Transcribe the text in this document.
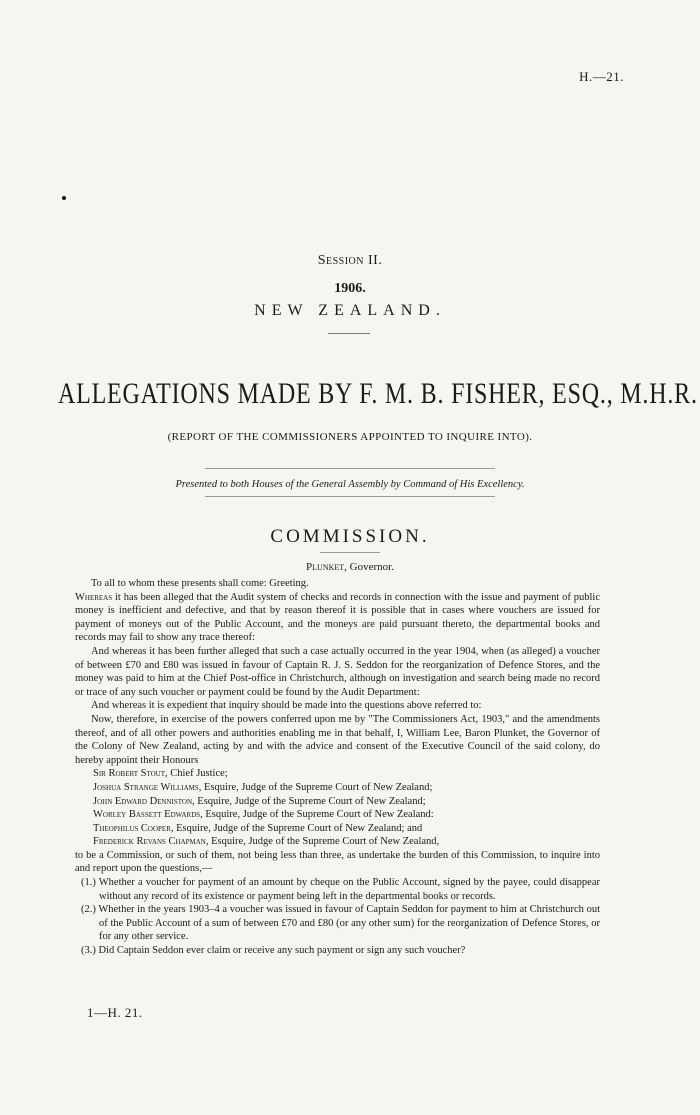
H.—21.
Session II.
1906.
NEW ZEALAND.
ALLEGATIONS MADE BY F. M. B. FISHER, ESQ., M.H.R.
(REPORT OF THE COMMISSIONERS APPOINTED TO INQUIRE INTO).
Presented to both Houses of the General Assembly by Command of His Excellency.
COMMISSION.
Plunket, Governor.

To all to whom these presents shall come: Greeting.

Whereas it has been alleged that the Audit system of checks and records in connection with the issue and payment of public money is inefficient and defective, and that by reason thereof it is possible that in cases where vouchers are issued for payment of moneys out of the Public Account, and the moneys are paid pursuant thereto, the departmental books and records may fail to show any trace thereof:

And whereas it has been further alleged that such a case actually occurred in the year 1904, when (as alleged) a voucher of between £70 and £80 was issued in favour of Captain R. J. S. Seddon for the reorganization of Defence Stores, and the money was paid to him at the Chief Post-office in Christchurch, although on investigation and search being made no record or trace of any such voucher or payment could be found by the Audit Department:

And whereas it is expedient that inquiry should be made into the questions above referred to:

Now, therefore, in exercise of the powers conferred upon me by "The Commissioners Act, 1903," and the amendments thereof, and of all other powers and authorities enabling me in that behalf, I, William Lee, Baron Plunket, the Governor of the Colony of New Zealand, acting by and with the advice and consent of the Executive Council of the said colony, do hereby appoint their Honours

Sir Robert Stout, Chief Justice;
Joshua Strange Williams, Esquire, Judge of the Supreme Court of New Zealand;
John Edward Denniston, Esquire, Judge of the Supreme Court of New Zealand;
Worley Bassett Edwards, Esquire, Judge of the Supreme Court of New Zealand:
Theophilus Cooper, Esquire, Judge of the Supreme Court of New Zealand; and
Frederick Revans Chapman, Esquire, Judge of the Supreme Court of New Zealand,

to be a Commission, or such of them, not being less than three, as undertake the burden of this Commission, to inquire into and report upon the questions,—

(1.) Whether a voucher for payment of an amount by cheque on the Public Account, signed by the payee, could disappear without any record of its existence or payment being left in the departmental books or records.

(2.) Whether in the years 1903–4 a voucher was issued in favour of Captain Seddon for payment to him at Christchurch out of the Public Account of a sum of between £70 and £80 (or any other sum) for the reorganization of Defence Stores, or for any other service.

(3.) Did Captain Seddon ever claim or receive any such payment or sign any such voucher?

1—H. 21.
